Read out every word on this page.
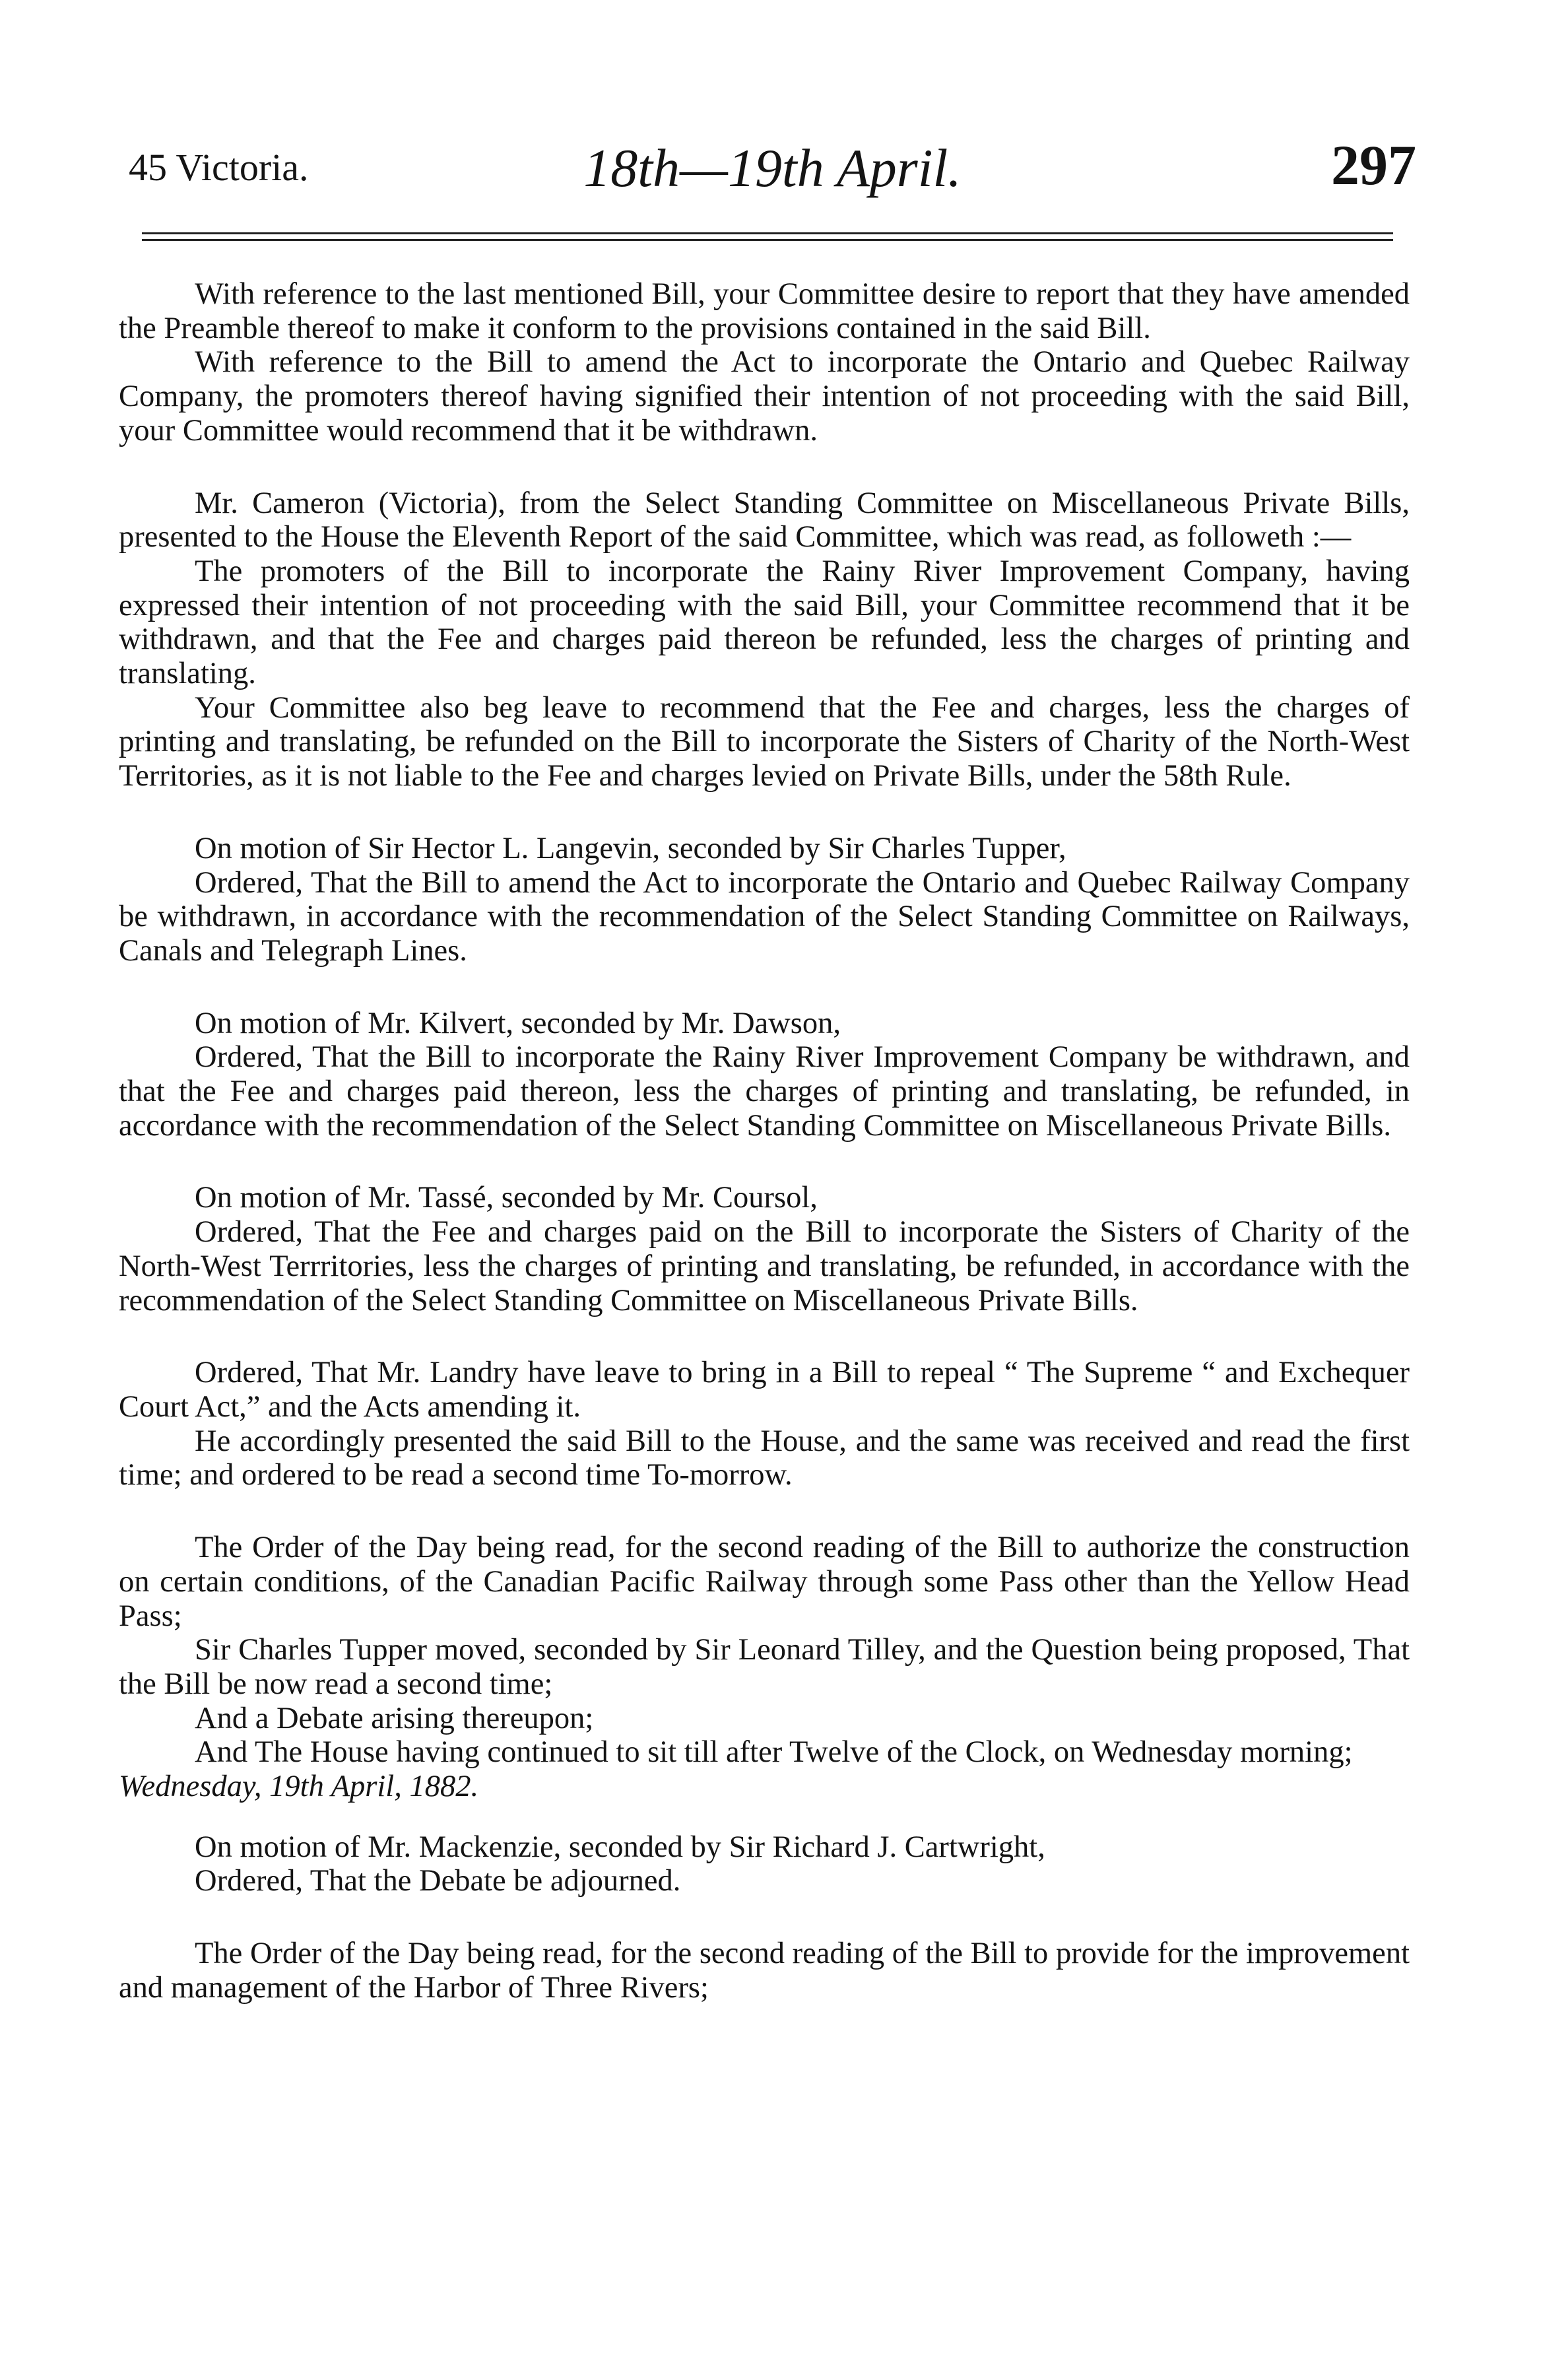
45 Victoria.	18th—19th April.	297

With reference to the last mentioned Bill, your Committee desire to report that they have amended the Preamble thereof to make it conform to the provisions contained in the said Bill.

With reference to the Bill to amend the Act to incorporate the Ontario and Quebec Railway Company, the promoters thereof having signified their intention of not proceeding with the said Bill, your Committee would recommend that it be withdrawn.

Mr. Cameron (Victoria), from the Select Standing Committee on Miscellaneous Private Bills, presented to the House the Eleventh Report of the said Committee, which was read, as followeth :—

The promoters of the Bill to incorporate the Rainy River Improvement Company, having expressed their intention of not proceeding with the said Bill, your Committee recommend that it be withdrawn, and that the Fee and charges paid thereon be refunded, less the charges of printing and translating.

Your Committee also beg leave to recommend that the Fee and charges, less the charges of printing and translating, be refunded on the Bill to incorporate the Sisters of Charity of the North-West Territories, as it is not liable to the Fee and charges levied on Private Bills, under the 58th Rule.

On motion of Sir Hector L. Langevin, seconded by Sir Charles Tupper,

Ordered, That the Bill to amend the Act to incorporate the Ontario and Quebec Railway Company be withdrawn, in accordance with the recommendation of the Select Standing Committee on Railways, Canals and Telegraph Lines.

On motion of Mr. Kilvert, seconded by Mr. Dawson,

Ordered, That the Bill to incorporate the Rainy River Improvement Company be withdrawn, and that the Fee and charges paid thereon, less the charges of printing and translating, be refunded, in accordance with the recommendation of the Select Standing Committee on Miscellaneous Private Bills.

On motion of Mr. Tassé, seconded by Mr. Coursol,

Ordered, That the Fee and charges paid on the Bill to incorporate the Sisters of Charity of the North-West Terrritories, less the charges of printing and translating, be refunded, in accordance with the recommendation of the Select Standing Committee on Miscellaneous Private Bills.

Ordered, That Mr. Landry have leave to bring in a Bill to repeal “ The Supreme “ and Exchequer Court Act,” and the Acts amending it.

He accordingly presented the said Bill to the House, and the same was received and read the first time; and ordered to be read a second time To-morrow.

The Order of the Day being read, for the second reading of the Bill to authorize the construction on certain conditions, of the Canadian Pacific Railway through some Pass other than the Yellow Head Pass;

Sir Charles Tupper moved, seconded by Sir Leonard Tilley, and the Question being proposed, That the Bill be now read a second time;

And a Debate arising thereupon;

And The House having continued to sit till after Twelve of the Clock, on Wednesday morning;

Wednesday, 19th April, 1882.

On motion of Mr. Mackenzie, seconded by Sir Richard J. Cartwright,

Ordered, That the Debate be adjourned.

The Order of the Day being read, for the second reading of the Bill to provide for the improvement and management of the Harbor of Three Rivers;
